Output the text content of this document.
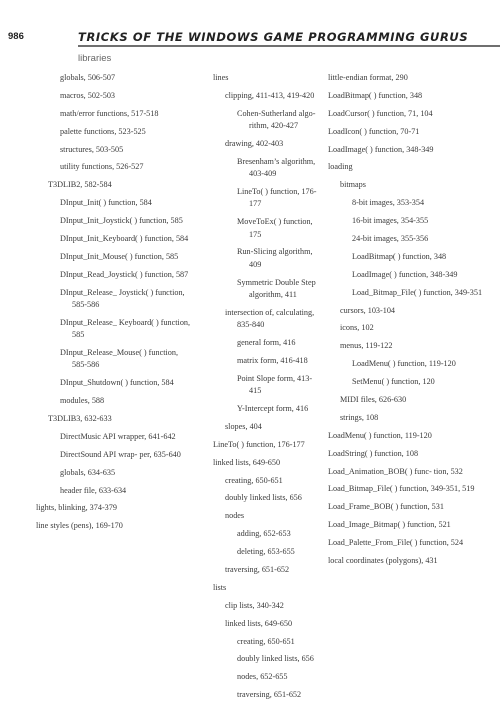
986	TRICKS OF THE WINDOWS GAME PROGRAMMING GURUS
libraries
globals, 506-507
macros, 502-503
math/error functions, 517-518
palette functions, 523-525
structures, 503-505
utility functions, 526-527
T3DLIB2, 582-584
DInput_Init( ) function, 584
DInput_Init_Joystick( ) function, 585
DInput_Init_Keyboard( ) function, 584
DInput_Init_Mouse( ) function, 585
DInput_Read_Joystick( ) function, 587
DInput_Release_ Joystick( ) function, 585-586
DInput_Release_ Keyboard( ) function, 585
DInput_Release_Mouse( ) function, 585-586
DInput_Shutdown( ) function, 584
modules, 588
T3DLIB3, 632-633
DirectMusic API wrapper, 641-642
DirectSound API wrap- per, 635-640
globals, 634-635
header file, 633-634
lights, blinking, 374-379
line styles (pens), 169-170
lines
clipping, 411-413, 419-420
Cohen-Sutherland algo- rithm, 420-427
drawing, 402-403
Bresenham’s algorithm, 403-409
LineTo( ) function, 176-177
MoveToEx( ) function, 175
Run-Slicing algorithm, 409
Symmetric Double Step algorithm, 411
intersection of, calculating, 835-840
general form, 416
matrix form, 416-418
Point Slope form, 413-415
Y-Intercept form, 416
slopes, 404
LineTo( ) function, 176-177
linked lists, 649-650
creating, 650-651
doubly linked lists, 656
nodes
adding, 652-653
deleting, 653-655
traversing, 651-652
lists
clip lists, 340-342
linked lists, 649-650
creating, 650-651
doubly linked lists, 656
nodes, 652-655
traversing, 651-652
little-endian format, 290
LoadBitmap( ) function, 348
LoadCursor( ) function, 71, 104
LoadIcon( ) function, 70-71
LoadImage( ) function, 348-349
loading
bitmaps
8-bit images, 353-354
16-bit images, 354-355
24-bit images, 355-356
LoadBitmap( ) function, 348
LoadImage( ) function, 348-349
Load_Bitmap_File( ) function, 349-351
cursors, 103-104
icons, 102
menus, 119-122
LoadMenu( ) function, 119-120
SetMenu( ) function, 120
MIDI files, 626-630
strings, 108
LoadMenu( ) function, 119-120
LoadString( ) function, 108
Load_Animation_BOB( ) func- tion, 532
Load_Bitmap_File( ) function, 349-351, 519
Load_Frame_BOB( ) function, 531
Load_Image_Bitmap( ) function, 521
Load_Palette_From_File( ) function, 524
local coordinates (polygons), 431
